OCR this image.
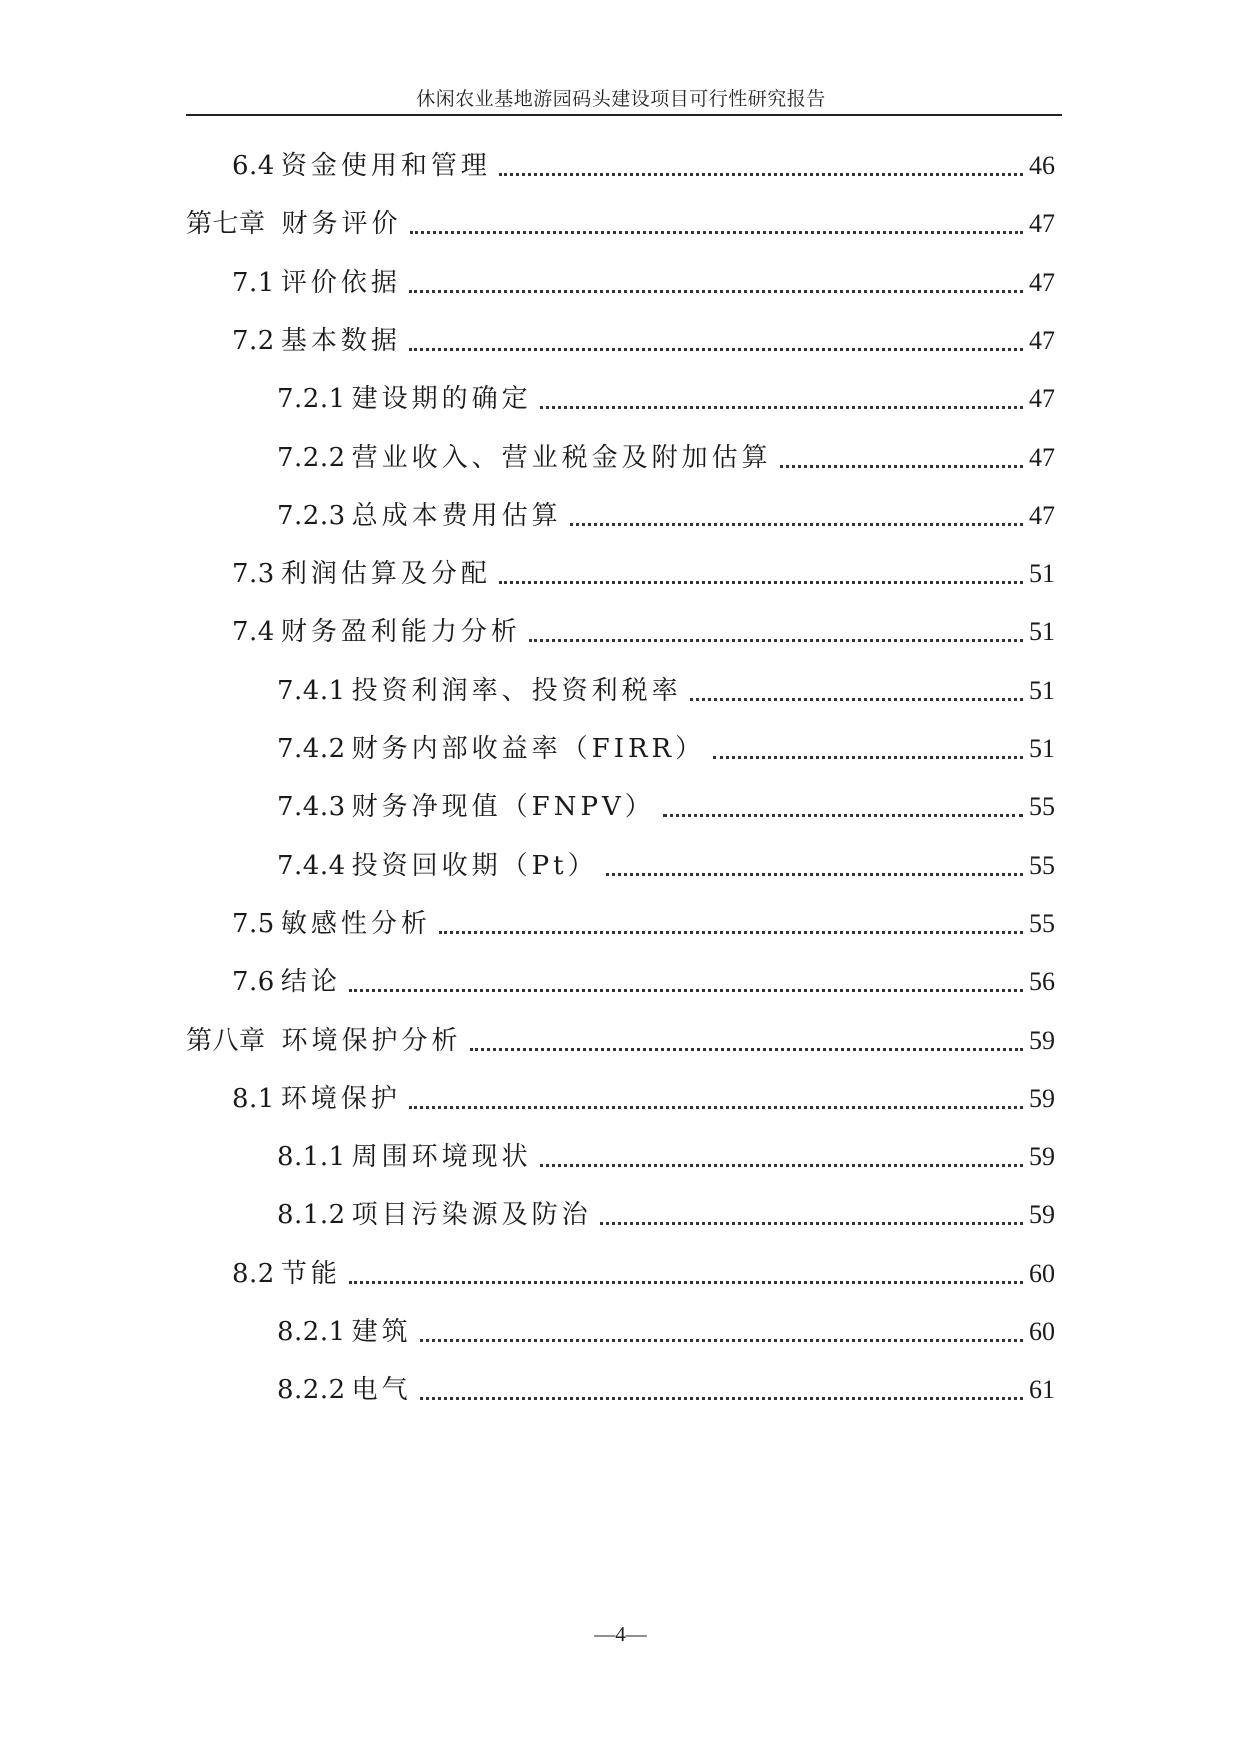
休闲农业基地游园码头建设项目可行性研究报告
6.4 资金使用和管理	46
第七章 财务评价	47
7.1 评价依据	47
7.2 基本数据	47
7.2.1 建设期的确定	47
7.2.2 营业收入、营业税金及附加估算	47
7.2.3 总成本费用估算	47
7.3 利润估算及分配	51
7.4 财务盈利能力分析	51
7.4.1 投资利润率、投资利税率	51
7.4.2 财务内部收益率（FIRR）	51
7.4.3 财务净现值（FNPV）	55
7.4.4 投资回收期（Pt）	55
7.5 敏感性分析	55
7.6 结论	56
第八章 环境保护分析	59
8.1 环境保护	59
8.1.1 周围环境现状	59
8.1.2 项目污染源及防治	59
8.2 节能	60
8.2.1 建筑	60
8.2.2 电气	61
—4—
